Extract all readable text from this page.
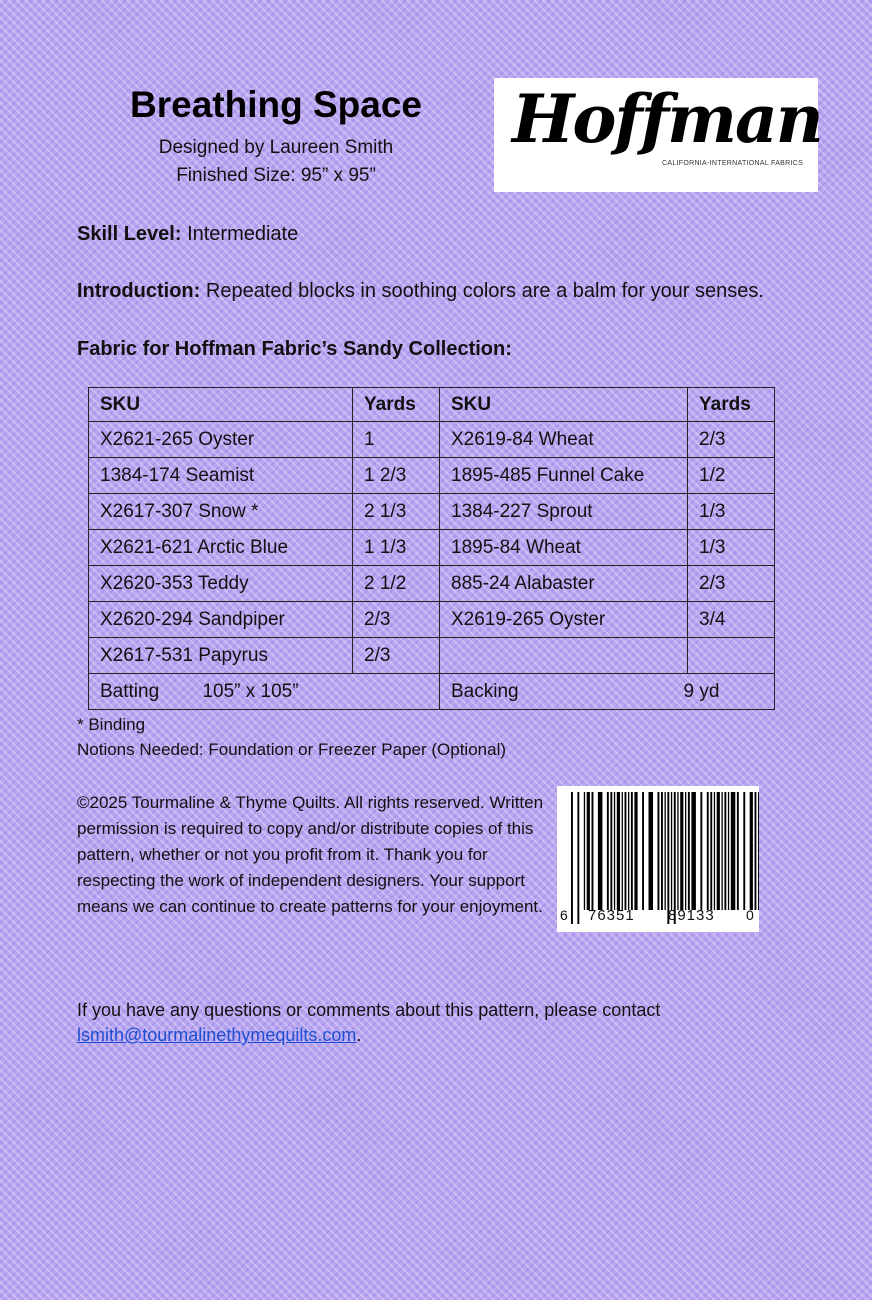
Breathing Space
Designed by Laureen Smith
Finished Size: 95” x 95”
Hoffman
CALIFORNIA-INTERNATIONAL FABRICS
Skill Level: Intermediate
Introduction: Repeated blocks in soothing colors are a balm for your senses.
Fabric for Hoffman Fabric’s Sandy Collection:
SKU	Yards	SKU	Yards
X2621-265 Oyster	1	X2619-84 Wheat	2/3
1384-174 Seamist	1 2/3	1895-485 Funnel Cake	1/2
X2617-307 Snow *	2 1/3	1384-227 Sprout	1/3
X2621-621 Arctic Blue	1 1/3	1895-84 Wheat	1/3
X2620-353 Teddy	2 1/2	885-24 Alabaster	2/3
X2620-294 Sandpiper	2/3	X2619-265 Oyster	3/4
X2617-531 Papyrus	2/3		
Batting 105” x 105”		Backing 9 yd	
* Binding
Notions Needed: Foundation or Freezer Paper (Optional)
©2025 Tourmaline & Thyme Quilts. All rights reserved. Written permission is required to copy and/or distribute copies of this pattern, whether or not you profit from it. Thank you for respecting the work of independent designers. Your support means we can continue to create patterns for your enjoyment. 6 76351 89133 0
If you have any questions or comments about this pattern, please contact
lsmith@tourmalinethymequilts.com.
